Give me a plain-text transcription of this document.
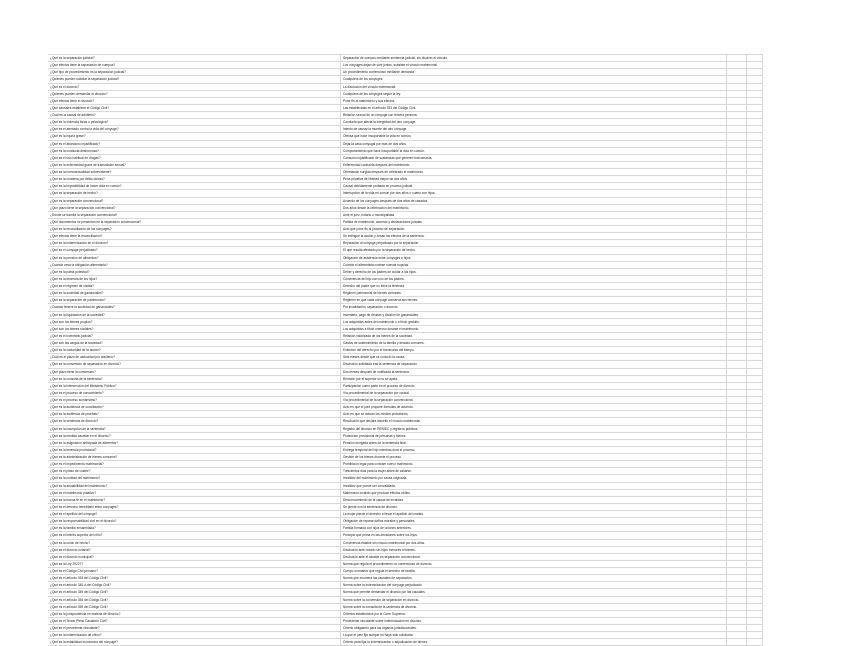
¿Qué es la separación judicial?	Separación de cuerpos mediante sentencia judicial, sin disolver el vínculo.
¿Qué efectos tiene la separación de cuerpos?	Los cónyuges dejan de vivir juntos, subsiste el vínculo matrimonial.
¿Qué tipo de procedimiento es la separación judicial?	Un procedimiento contencioso mediante demanda.
¿Quiénes pueden solicitar la separación judicial?	Cualquiera de los cónyuges.
¿Qué es el divorcio?	La disolución del vínculo matrimonial.
¿Quiénes pueden demandar el divorcio?	Cualquiera de los cónyuges según la ley.
¿Qué efectos tiene el divorcio?	Pone fin al matrimonio y sus efectos.
¿Qué causales establece el Código Civil?	Las establecidas en el artículo 333 del Código Civil.
¿Cuál es la causal de adulterio?	Relación sexual de un cónyuge con tercera persona.
¿Qué es la violencia física o psicológica?	Conducta que afecta la integridad del otro cónyuge.
¿Qué es el atentado contra la vida del cónyuge?	Intento de causar la muerte del otro cónyuge.
¿Qué es la injuria grave?	Ofensa que hace insoportable la vida en común.
¿Qué es el abandono injustificado?	Dejar la casa conyugal por más de dos años.
¿Qué es la conducta deshonrosa?	Comportamiento que hace insoportable la vida en común.
¿Qué es el uso habitual de drogas?	Consumo injustificado de sustancias que generen toxicomanía.
¿Qué es la enfermedad grave de transmisión sexual?	Enfermedad contraída después del matrimonio.
¿Qué es la homosexualidad sobreviniente?	Orientación surgida después de celebrado el matrimonio.
¿Qué es la condena por delito doloso?	Pena privativa de libertad mayor de dos años.
¿Qué es la imposibilidad de hacer vida en común?	Causal debidamente probada en proceso judicial.
¿Qué es la separación de hecho?	Interrupción de la vida en común por dos años o cuatro con hijos.
¿Qué es la separación convencional?	Acuerdo de los cónyuges después de dos años de casados.
¿Qué plazo tiene la separación convencional?	Dos años desde la celebración del matrimonio.
¿Dónde se tramita la separación convencional?	Ante el juez, notario o municipalidad.
¿Qué documentos se presentan en la separación convencional?	Partida de matrimonio, acuerdo y declaraciones juradas.
¿Qué es la reconciliación de los cónyuges?	Acto que pone fin al proceso de separación.
¿Qué efectos tiene la reconciliación?	Se extingue la acción y cesan los efectos de la sentencia.
¿Qué es la indemnización en el divorcio?	Reparación al cónyuge perjudicado por la separación.
¿Qué es el cónyuge perjudicado?	El que resulta afectado por la separación de hecho.
¿Qué es la pensión de alimentos?	Obligación de asistencia entre cónyuges e hijos.
¿Cuándo cesa la obligación alimentaria?	Cuando el alimentista contrae nuevas nupcias.
¿Qué es la patria potestad?	Deber y derecho de los padres de cuidar a los hijos.
¿Qué es la tenencia de los hijos?	Convivencia del hijo con uno de los padres.
¿Qué es el régimen de visitas?	Derecho del padre que no tiene la tenencia.
¿Qué es la sociedad de gananciales?	Régimen patrimonial de bienes comunes.
¿Qué es la separación de patrimonios?	Régimen en que cada cónyuge conserva sus bienes.
¿Cuándo fenece la sociedad de gananciales?	Por invalidación, separación o divorcio.
¿Qué es la liquidación de la sociedad?	Inventario, pago de deudas y división de gananciales.
¿Qué son los bienes propios?	Los adquiridos antes del matrimonio o a título gratuito.
¿Qué son los bienes sociales?	Los adquiridos a título oneroso durante el matrimonio.
¿Qué es el inventario judicial?	Relación valorizada de los bienes de la sociedad.
¿Qué son las cargas de la sociedad?	Gastos de sostenimiento de la familia y deudas comunes.
¿Qué es la caducidad de la acción?	Extinción del derecho por el transcurso del tiempo.
¿Cuál es el plazo de caducidad por adulterio?	Seis meses desde que se conoció la causa.
¿Qué es la conversión de separación en divorcio?	Disolución solicitada tras la sentencia de separación.
¿Qué plazo tiene la conversión?	Dos meses después de notificada la sentencia.
¿Qué es la consulta de la sentencia?	Revisión por el superior si no se apela.
¿Qué es la intervención del Ministerio Público?	Participación como parte en el proceso de divorcio.
¿Qué es el proceso de conocimiento?	Vía procedimental de la separación por causal.
¿Qué es el proceso sumarísimo?	Vía procedimental de la separación convencional.
¿Qué es la audiencia de conciliación?	Acto en que el juez propone fórmulas de acuerdo.
¿Qué es la audiencia de pruebas?	Acto en que se actúan los medios probatorios.
¿Qué es la sentencia de divorcio?	Resolución que declara disuelto el vínculo matrimonial.
¿Qué es la inscripción de la sentencia?	Registro del divorcio en RENIEC y registros públicos.
¿Qué es la medida cautelar en el divorcio?	Protección provisional de personas y bienes.
¿Qué es la asignación anticipada de alimentos?	Pensión otorgada antes de la sentencia final.
¿Qué es la tenencia provisional?	Entrega temporal del hijo mientras dura el proceso.
¿Qué es la administración de bienes comunes?	Gestión de los bienes durante el proceso.
¿Qué es el impedimento matrimonial?	Prohibición legal para contraer nuevo matrimonio.
¿Qué es el plazo de viudez?	Trescientos días para la mujer antes de casarse.
¿Qué es la nulidad del matrimonio?	Invalidez del matrimonio por causa originaria.
¿Qué es la anulabilidad del matrimonio?	Invalidez que puede ser convalidada.
¿Qué es el matrimonio putativo?	Matrimonio inválido que produce efectos civiles.
¿Qué es la buena fe en el matrimonio?	Desconocimiento de la causal de invalidez.
¿Qué es el derecho hereditario entre cónyuges?	Se pierde con la sentencia de divorcio.
¿Qué es el apellido del cónyuge?	La mujer pierde el derecho a llevar el apellido del marido.
¿Qué es la responsabilidad civil en el divorcio?	Obligación de reparar daños morales y personales.
¿Qué es la familia ensamblada?	Familia formada con hijos de uniones anteriores.
¿Qué es el interés superior del niño?	Principio que prima en las decisiones sobre los hijos.
¿Qué es la unión de hecho?	Convivencia estable sin vínculo matrimonial por dos años.
¿Qué es el divorcio notarial?	Disolución ante notario sin hijos menores ni bienes.
¿Qué es el divorcio municipal?	Disolución ante el alcalde en separación convencional.
¿Qué es la Ley 29227?	Norma que regula el procedimiento no contencioso de divorcio.
¿Qué es el Código Civil peruano?	Cuerpo normativo que regula el derecho de familia.
¿Qué es el artículo 333 del Código Civil?	Norma que enumera las causales de separación.
¿Qué es el artículo 345-A del Código Civil?	Norma sobre la indemnización del cónyuge perjudicado.
¿Qué es el artículo 349 del Código Civil?	Norma que permite demandar el divorcio por las causales.
¿Qué es el artículo 354 del Código Civil?	Norma sobre la conversión de separación en divorcio.
¿Qué es el artículo 359 del Código Civil?	Norma sobre la consulta de la sentencia de divorcio.
¿Qué es la jurisprudencia en materia de divorcio?	Criterios establecidos por la Corte Suprema.
¿Qué es el Tercer Pleno Casatorio Civil?	Precedente vinculante sobre indemnización en divorcio.
¿Qué es el precedente vinculante?	Criterio obligatorio para los órganos jurisdiccionales.
¿Qué es la indemnización de oficio?	La que el juez fija aunque no haya sido solicitada.
¿Qué es la estabilidad económica del cónyuge?	Criterio para fijar la indemnización o adjudicación de bienes.
